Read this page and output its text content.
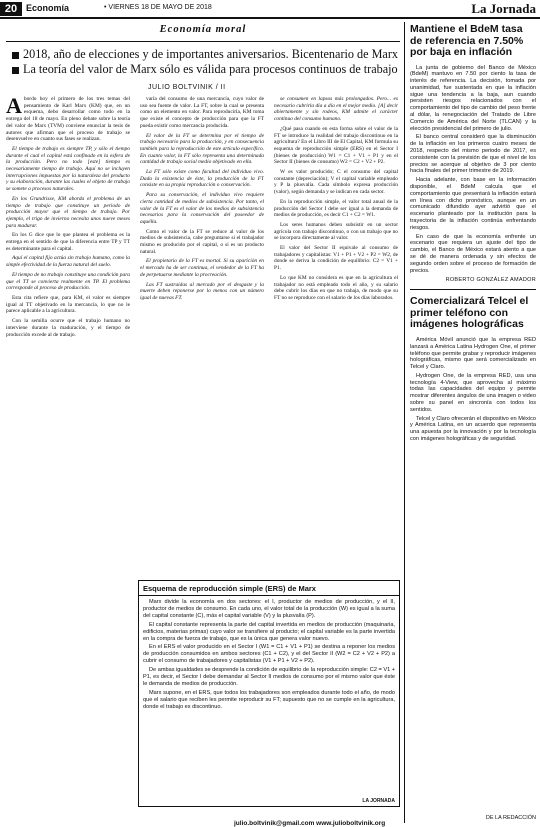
20 Economía	• VIERNES 18 DE MAYO DE 2018	La Jornada
Economía moral
2018, año de elecciones y de importantes aniversarios. Bicentenario de Marx
La teoría del valor de Marx sólo es válida para procesos continuos de trabajo
JULIO BOLTVINIK / II

Abordo hoy el primero de los tres temas del pensamiento de Karl Marx (KM) que, en un esquema, debo desarrollar como todo en la entrega del 18 de mayo. En pleno debate sobre la teoría del valor de Marx (TVM) conviene enunciar la tesis de autores que afirman que el proceso de trabajo se desenvuelve en cuanto sus fases se realizan.

El tiempo de trabajo es siempre TP, y sólo el tiempo durante el cual el capital está confinado en la esfera de la producción. Pero no todo [este] tiempo es necesariamente tiempo de trabajo. Aquí no se incluyen interrupciones impuestas por la naturaleza del producto y su elaboración, durante las cuales el objeto de trabajo se somete a procesos naturales.

En los Grundrisse, KM aborda el problema de un tiempo de trabajo que constituye un periodo de producción mayor que el tiempo de trabajo. Por ejemplo, el trigo de invierno necesita unos nueve meses para madurar.

En los G dice que lo que plantea el problema es la entrega en el sentido de que la diferencia entre TP y TT es determinante para el capital.

Aquí el capital fijo actúa sin trabajo humano, como la simple efectividad de la fuerza natural del suelo.

El tiempo de no trabajo constituye una condición para que el TT se convierta realmente en TP. El problema corresponde al proceso de producción.

Esta cita refiere que, para KM, el valor es siempre igual al TT objetivado en la mercancía, lo que no le parece aplicable a la agricultura.

Con la semilla ocurre que el trabajo humano no interviene durante la maduración, y el tiempo de producción excede al de trabajo.

varía del consumo de una mercancía, cuyo valor de uso sea fuente de valor. La FT, sobre la cual se presenta como un elemento en valor. Para reproducirla, KM toma que existe el concepto de producción para que la FT pueda existir como mercancía producida.

El valor de la FT se determina por el tiempo de trabajo necesario para la producción, y en consecuencia también para la reproducción de este artículo específico. En cuanto valor, la FT sólo representa una determinada cantidad de trabajo social medio objetivado en ella.

La FT sólo existe como facultad del individuo vivo. Dada la existencia de éste, la producción de la FT consiste en su propia reproducción o conservación.

Para su conservación, el individuo vivo requiere cierta cantidad de medios de subsistencia. Por tanto, el valor de la FT es el valor de los medios de subsistencia necesarios para la conservación del poseedor de aquélla.

Como el valor de la FT se reduce al valor de los medios de subsistencia, cabe preguntarse si el trabajador mismo es producido por el capital, o si es un producto natural.

El propietario de la FT es mortal. Si su aparición en el mercado ha de ser continua, el vendedor de la FT ha de perpetuarse mediante la procreación.

Las FT sustraídas al mercado por el desgaste y la muerte deben reponerse por lo menos con un número igual de nuevas FT.

se consumen en lapsos más prolongados. Pero... es necesario cubrirla día a día en el mejor medio. [A] decir abiertamente y sin rodeos, KM admite el carácter continuo del consumo humano.

¿Qué pasa cuando en esta forma sobre el valor de la FT se introduce la realidad del trabajo discontinuo en la agricultura? En el Libro III de El Capital, KM formula su esquema de reproducción simple (ERS) en el Sector I (bienes de producción) W1 = C1 + V1 + P1 y en el Sector II (bienes de consumo) W2 = C2 + V2 + P2.

W es valor producido; C el consumo del capital constante (depreciación); V el capital variable empleado y P la plusvalía. Cada símbolo expresa producción (valor), según demanda y se indican en cada sector.

En la reproducción simple, el valor total anual de la producción del Sector I debe ser igual a la demanda de medios de producción, es decir C1 + C2 = W1.

Los seres humanos deben subsistir en un sector agrícola con trabajo discontinuo, o con un trabajo que no se incorpora directamente al valor.

El valor del Sector II equivale al consumo de trabajadores y capitalistas: V1 + P1 + V2 + P2 = W2, de donde se deriva la condición de equilibrio: C2 = V1 + P1.

Lo que KM no considera es que en la agricultura el trabajador no está empleado todo el año, y su salario debe cubrir los días en que no trabaja, de modo que su FT no se reproduce con el salario de los días laborados.

Esquema de reproducción simple (ERS) de Marx

Marx divide la economía en dos sectores: el I, productor de medios de producción, y el II, productor de medios de consumo. En cada uno, el valor total de la producción (W) es igual a la suma del capital constante (C), más el capital variable (V) y la plusvalía (P).

El capital constante representa la parte del capital invertida en medios de producción (maquinaria, edificios, materias primas) cuyo valor se transfiere al producto; el capital variable es la parte invertida en la compra de fuerza de trabajo, que es la única que genera valor nuevo.

En el ERS el valor producido en el Sector I (W1 = C1 + V1 + P1) se destina a reponer los medios de producción consumidos en ambos sectores (C1 + C2), y el del Sector II (W2 = C2 + V2 + P2) a cubrir el consumo de trabajadores y capitalistas (V1 + P1 + V2 + P2).

De ambas igualdades se desprende la condición de equilibrio de la reproducción simple: C2 = V1 + P1, es decir, el Sector I debe demandar al Sector II medios de consumo por el mismo valor que éste le demanda de medios de producción.

Marx supone, en el ERS, que todos los trabajadores son empleados durante todo el año, de modo que el salario que reciben les permite reproducir su FT; supuesto que no se cumple en la agricultura, donde el trabajo es discontinuo.

LA JORNADA
julio.boltvinik@gmail.com www.julioboltvinik.org
Mantiene el BdeM tasa de referencia en 7.50% por baja en inflación

La junta de gobierno del Banco de México (BdeM) mantuvo en 7.50 por ciento la tasa de interés de referencia. La decisión, tomada por unanimidad, fue sustentada en que la inflación sigue una tendencia a la baja, aun cuando persisten riesgos relacionados con el comportamiento del tipo de cambio del peso frente al dólar, la renegociación del Tratado de Libre Comercio de América del Norte (TLCAN) y la elección presidencial del primero de julio.

El banco central consideró que la disminución de la inflación en los primeros cuatro meses de 2018, respecto del mismo periodo de 2017, es consistente con la previsión de que el nivel de los precios se acerque al objetivo de 3 por ciento hacia finales del primer trimestre de 2019.

Hacia adelante, con base en la información disponible, el BdeM calcula que el comportamiento que presentará la inflación estará en línea con dicho pronóstico, aunque en un comunicado difundido ayer advirtió que el escenario planteado por la institución para la trayectoria de la inflación continúa enfrentando riesgos.

En caso de que la economía enfrente un escenario que requiera un ajuste del tipo de cambio, el Banco de México estará atento a que se dé de manera ordenada y sin efectos de segundo orden sobre el proceso de formación de precios.

ROBERTO GONZÁLEZ AMADOR
Comercializará Telcel el primer teléfono con imágenes holográficas

América Móvil anunció que la empresa RED lanzará a América Latina Hydrogen One, el primer teléfono que permite grabar y reproducir imágenes holográficas, mismo que será comercializado en Telcel y Claro.

Hydrogen One, de la empresa RED, usa una tecnología 4-View, que aprovecha al máximo todas las capacidades del equipo y permite mostrar diferentes ángulos de una imagen o video sobre su panel en sincronía con todos los sentidos.

Telcel y Claro ofrecerán el dispositivo en México y América Latina, en un acuerdo que representa una apuesta por la innovación y por la tecnología con imágenes holográficas y de seguridad.

DE LA REDACCIÓN
